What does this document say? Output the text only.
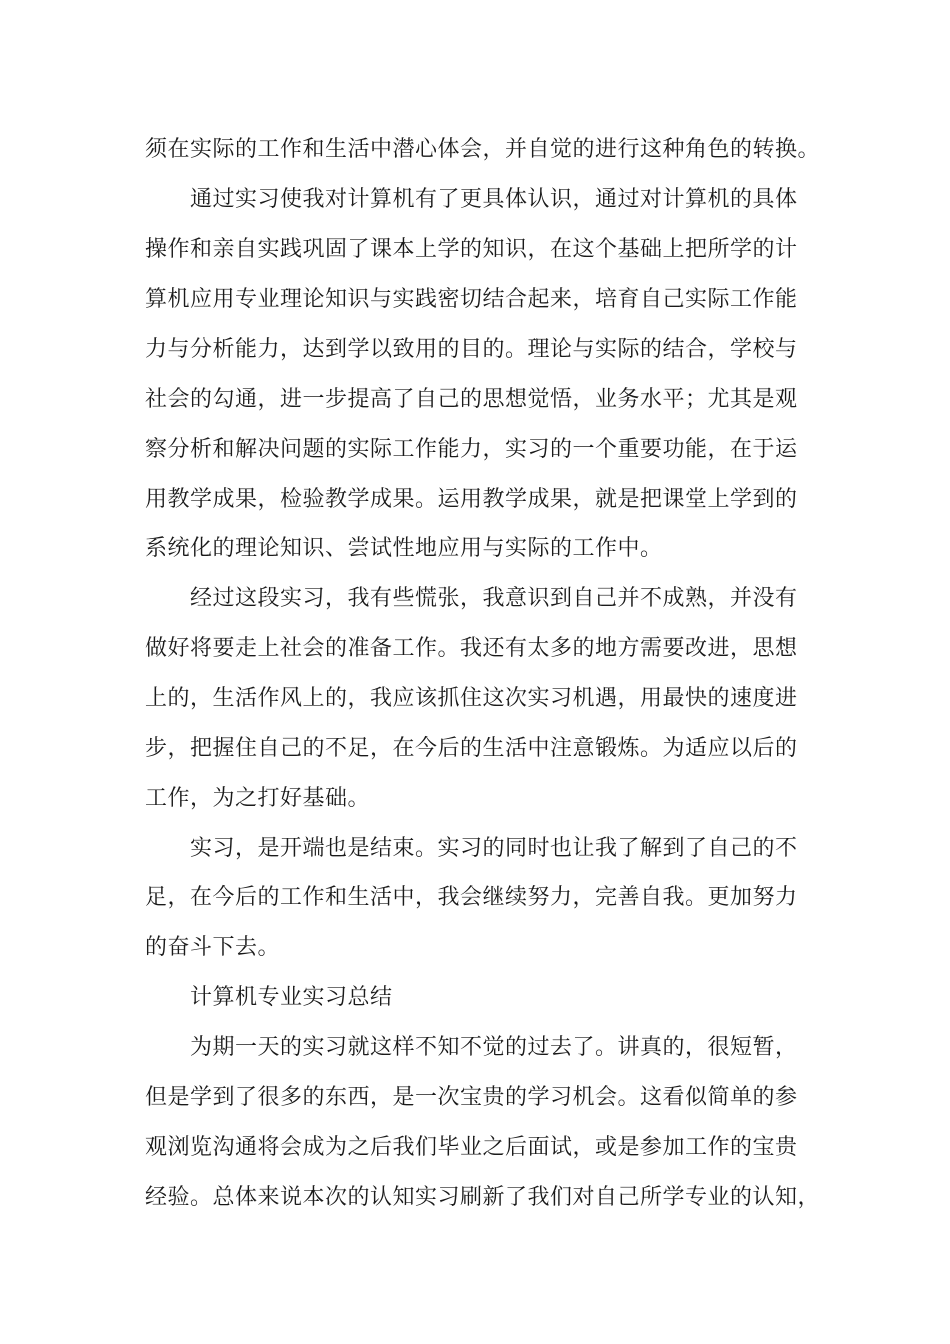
须在实际的工作和生活中潜心体会，并自觉的进行这种角色的转换。
通过实习使我对计算机有了更具体认识，通过对计算机的具体
操作和亲自实践巩固了课本上学的知识，在这个基础上把所学的计
算机应用专业理论知识与实践密切结合起来，培育自己实际工作能
力与分析能力，达到学以致用的目的。理论与实际的结合，学校与
社会的勾通，进一步提高了自己的思想觉悟，业务水平；尤其是观
察分析和解决问题的实际工作能力，实习的一个重要功能，在于运
用教学成果，检验教学成果。运用教学成果，就是把课堂上学到的
系统化的理论知识、尝试性地应用与实际的工作中。
经过这段实习，我有些慌张，我意识到自己并不成熟，并没有
做好将要走上社会的准备工作。我还有太多的地方需要改进，思想
上的，生活作风上的，我应该抓住这次实习机遇，用最快的速度进
步，把握住自己的不足，在今后的生活中注意锻炼。为适应以后的
工作，为之打好基础。
实习，是开端也是结束。实习的同时也让我了解到了自己的不
足，在今后的工作和生活中，我会继续努力，完善自我。更加努力
的奋斗下去。
计算机专业实习总结
为期一天的实习就这样不知不觉的过去了。讲真的，很短暂，
但是学到了很多的东西，是一次宝贵的学习机会。这看似简单的参
观浏览沟通将会成为之后我们毕业之后面试，或是参加工作的宝贵
经验。总体来说本次的认知实习刷新了我们对自己所学专业的认知，
